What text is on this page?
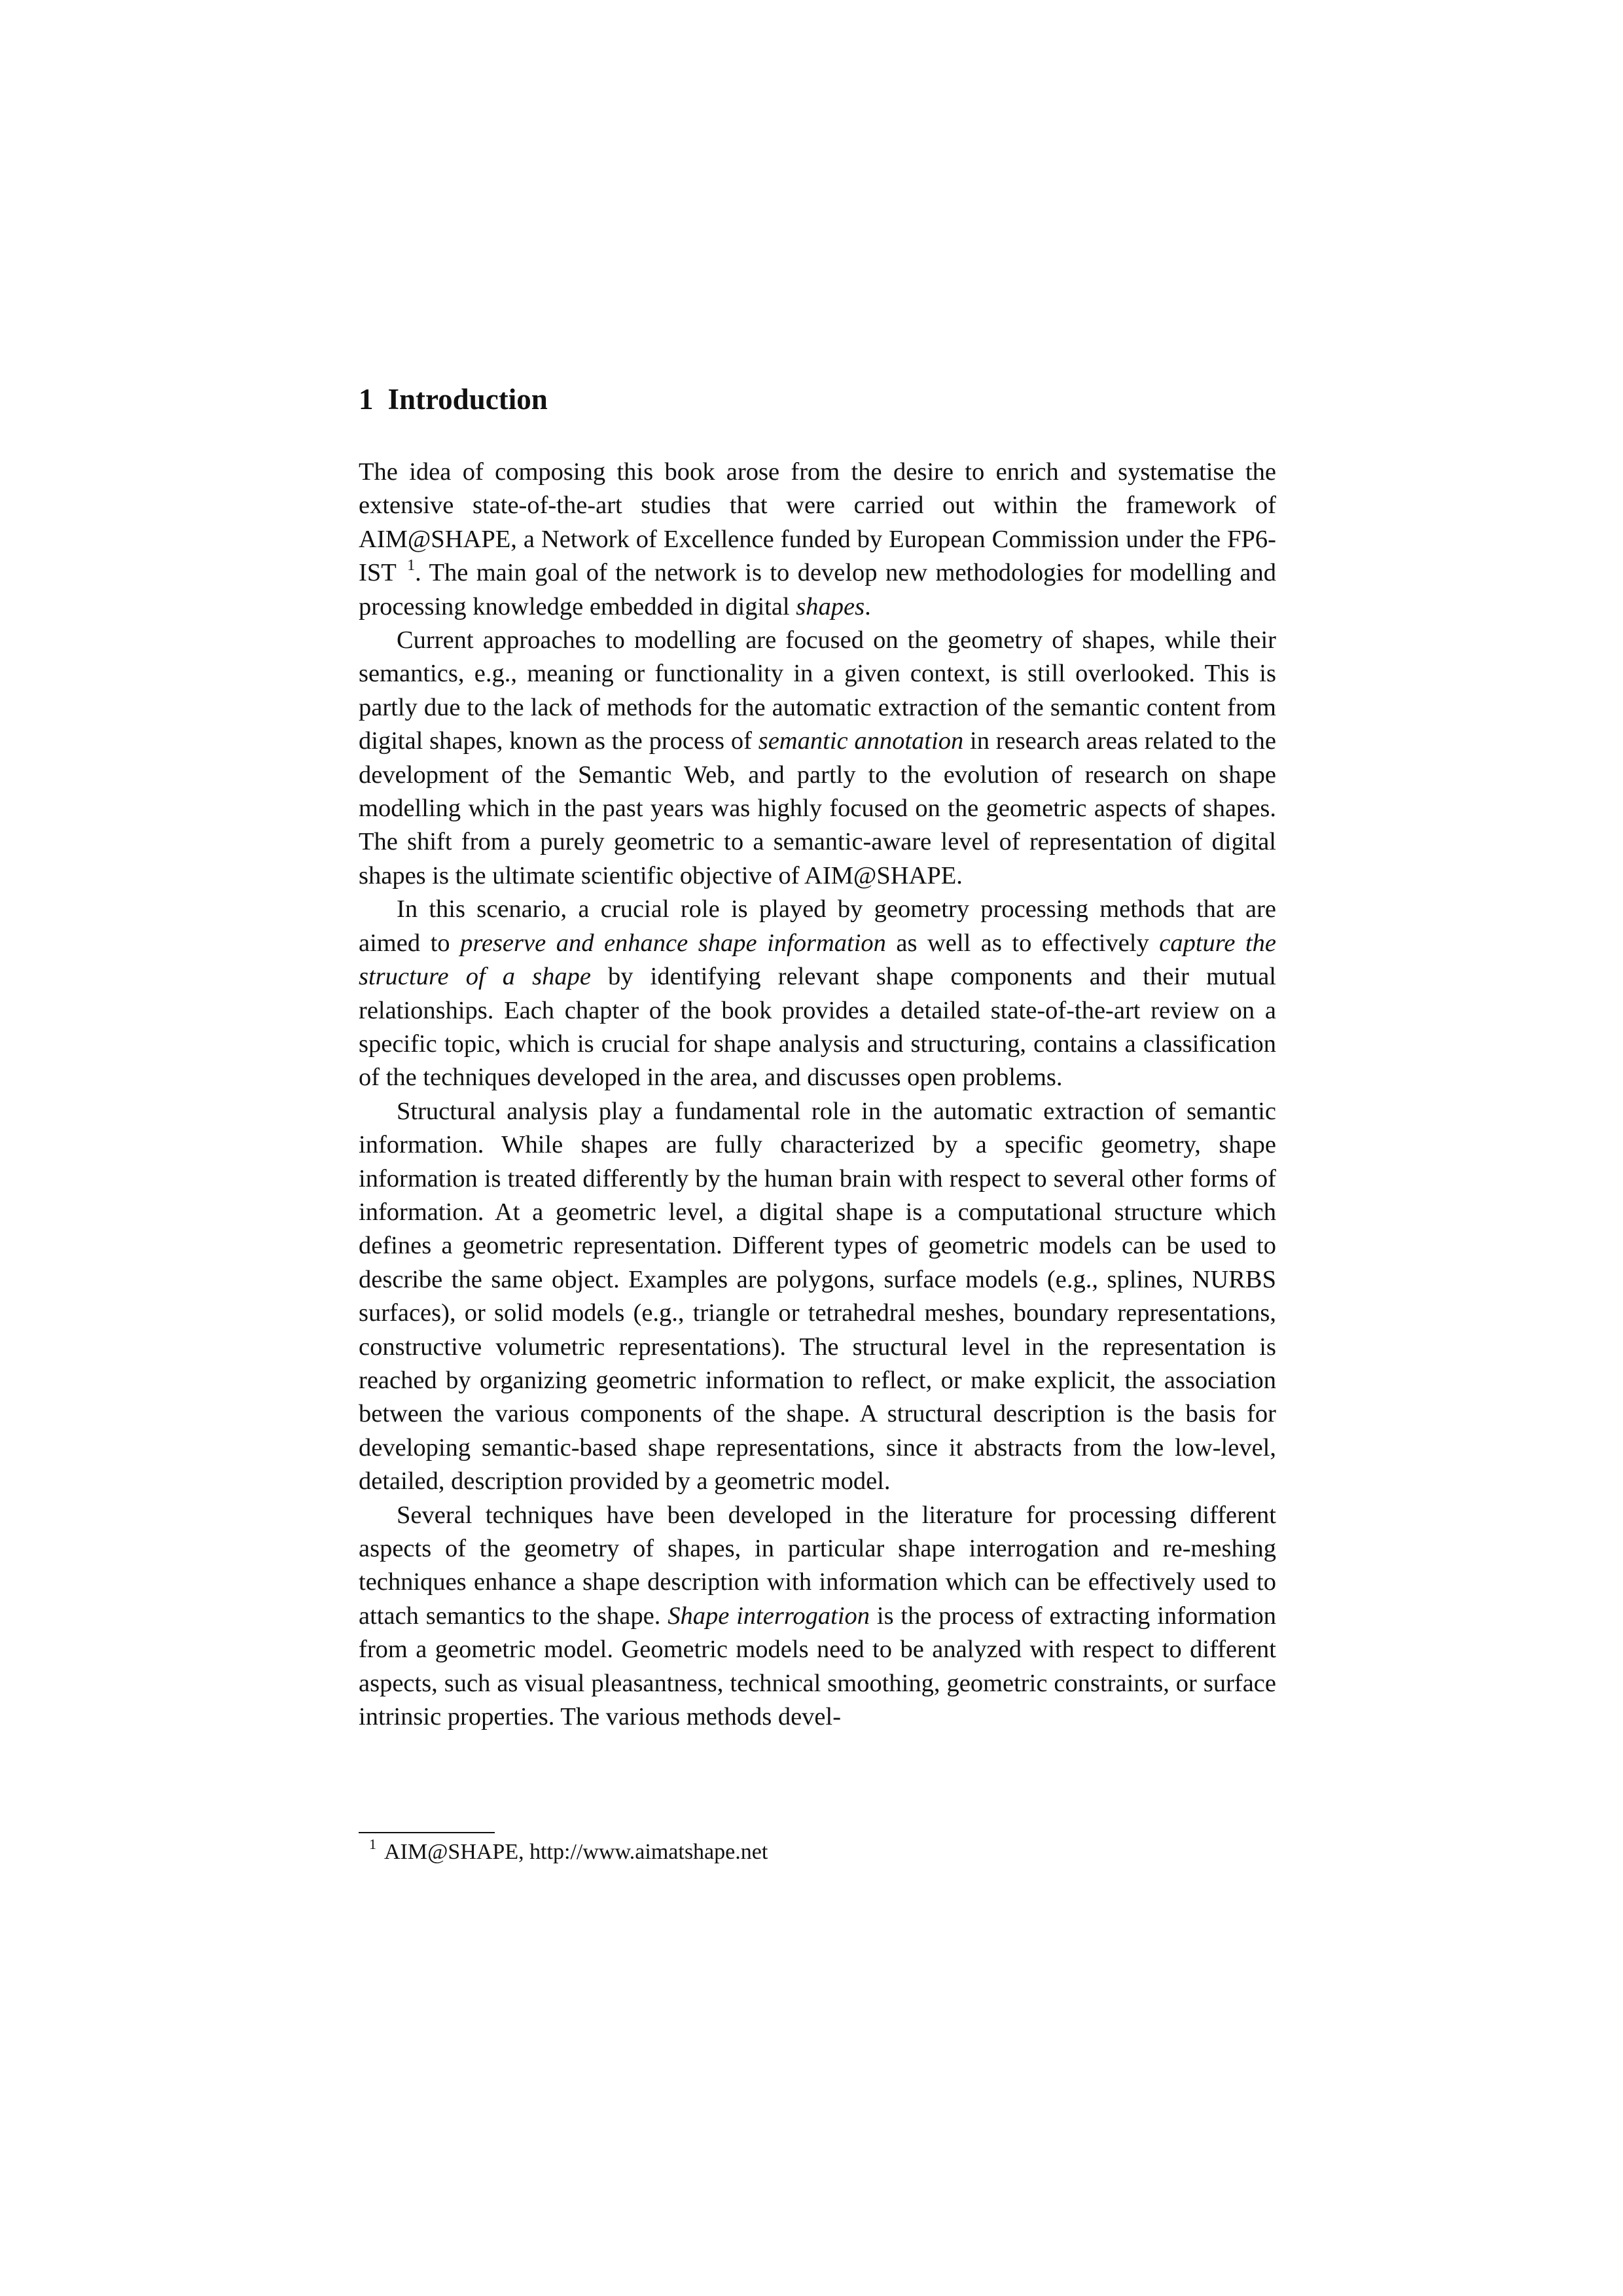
1 Introduction

The idea of composing this book arose from the desire to enrich and systematise the extensive state-of-the-art studies that were carried out within the framework of AIM@SHAPE, a Network of Excellence funded by European Commission under the FP6-IST $^1$. The main goal of the network is to develop new methodologies for modelling and processing knowledge embedded in digital shapes.

Current approaches to modelling are focused on the geometry of shapes, while their semantics, e.g., meaning or functionality in a given context, is still overlooked. This is partly due to the lack of methods for the automatic extraction of the semantic content from digital shapes, known as the process of semantic annotation in research areas related to the development of the Semantic Web, and partly to the evolution of research on shape modelling which in the past years was highly focused on the geometric aspects of shapes. The shift from a purely geometric to a semantic-aware level of representation of digital shapes is the ultimate scientific objective of AIM@SHAPE.

In this scenario, a crucial role is played by geometry processing methods that are aimed to preserve and enhance shape information as well as to effectively capture the structure of a shape by identifying relevant shape components and their mutual relationships. Each chapter of the book provides a detailed state-of-the-art review on a specific topic, which is crucial for shape analysis and structuring, contains a classification of the techniques developed in the area, and discusses open problems.

Structural analysis play a fundamental role in the automatic extraction of semantic information. While shapes are fully characterized by a specific geometry, shape information is treated differently by the human brain with respect to several other forms of information. At a geometric level, a digital shape is a computational structure which defines a geometric representation. Different types of geometric models can be used to describe the same object. Examples are polygons, surface models (e.g., splines, NURBS surfaces), or solid models (e.g., triangle or tetrahedral meshes, boundary representations, constructive volumetric representations). The structural level in the representation is reached by organizing geometric information to reflect, or make explicit, the association between the various components of the shape. A structural description is the basis for developing semantic-based shape representations, since it abstracts from the low-level, detailed, description provided by a geometric model.

Several techniques have been developed in the literature for processing different aspects of the geometry of shapes, in particular shape interrogation and re-meshing techniques enhance a shape description with information which can be effectively used to attach semantics to the shape. Shape interrogation is the process of extracting information from a geometric model. Geometric models need to be analyzed with respect to different aspects, such as visual pleasantness, technical smoothing, geometric constraints, or surface intrinsic properties. The various methods devel-

$^1$ AIM@SHAPE, http://www.aimatshape.net
